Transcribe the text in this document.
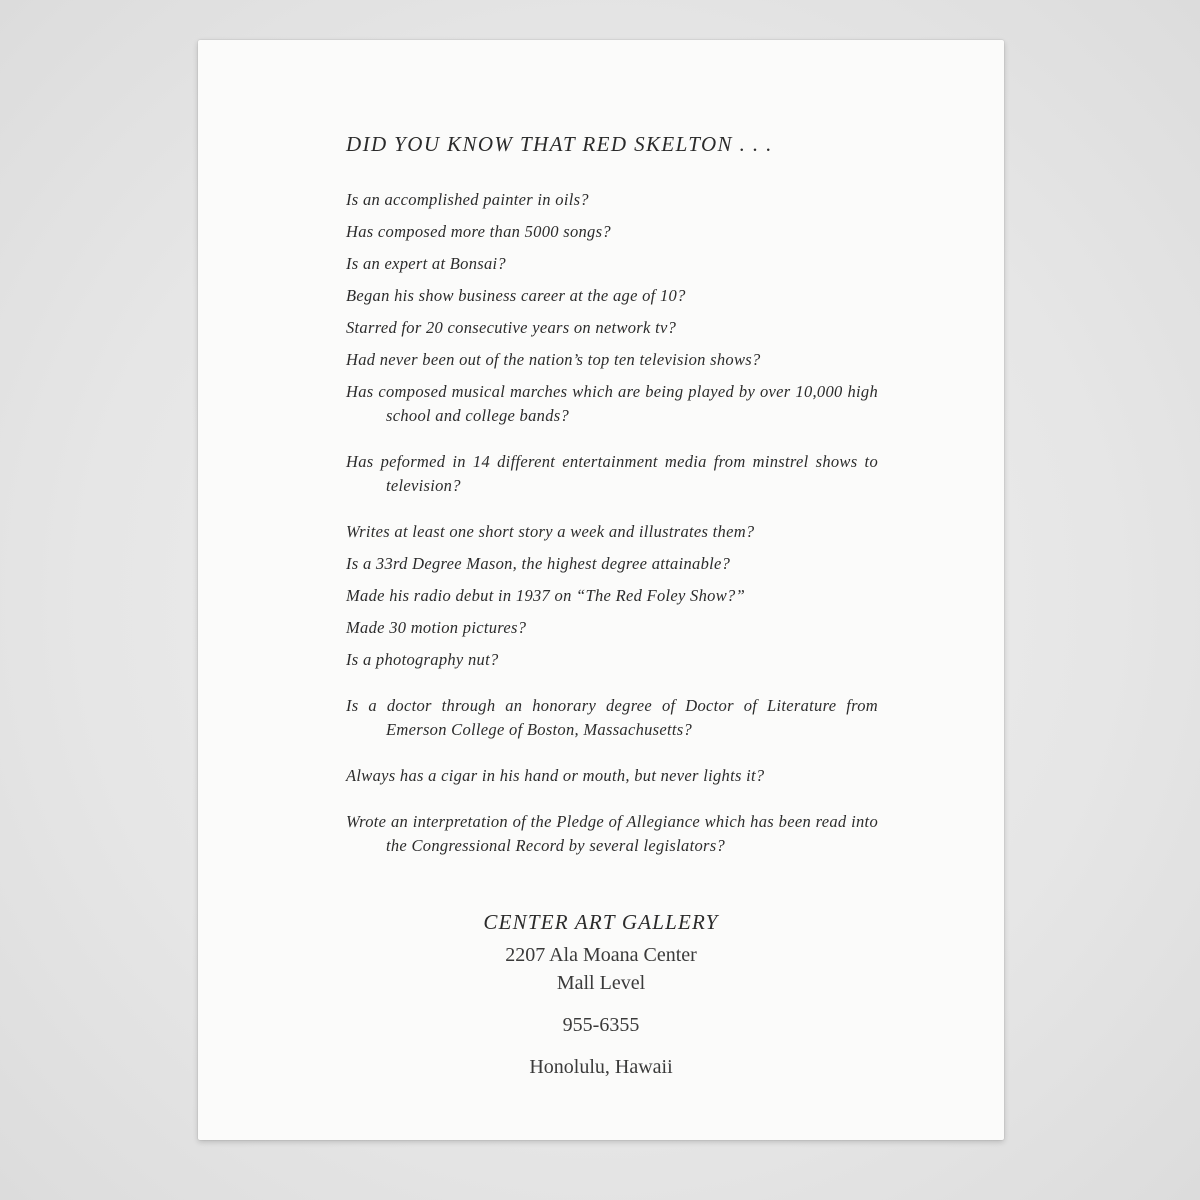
DID YOU KNOW THAT RED SKELTON . . .
Is an accomplished painter in oils?
Has composed more than 5000 songs?
Is an expert at Bonsai?
Began his show business career at the age of 10?
Starred for 20 consecutive years on network tv?
Had never been out of the nation’s top ten television shows?
Has composed musical marches which are being played by over 10,000 high school and college bands?
Has peformed in 14 different entertainment media from minstrel shows to television?
Writes at least one short story a week and illustrates them?
Is a 33rd Degree Mason, the highest degree attainable?
Made his radio debut in 1937 on “The Red Foley Show?”
Made 30 motion pictures?
Is a photography nut?
Is a doctor through an honorary degree of Doctor of Literature from Emerson College of Boston, Massachusetts?
Always has a cigar in his hand or mouth, but never lights it?
Wrote an interpretation of the Pledge of Allegiance which has been read into the Congressional Record by several legislators?

CENTER ART GALLERY

2207 Ala Moana Center

Mall Level

955-6355

Honolulu, Hawaii
